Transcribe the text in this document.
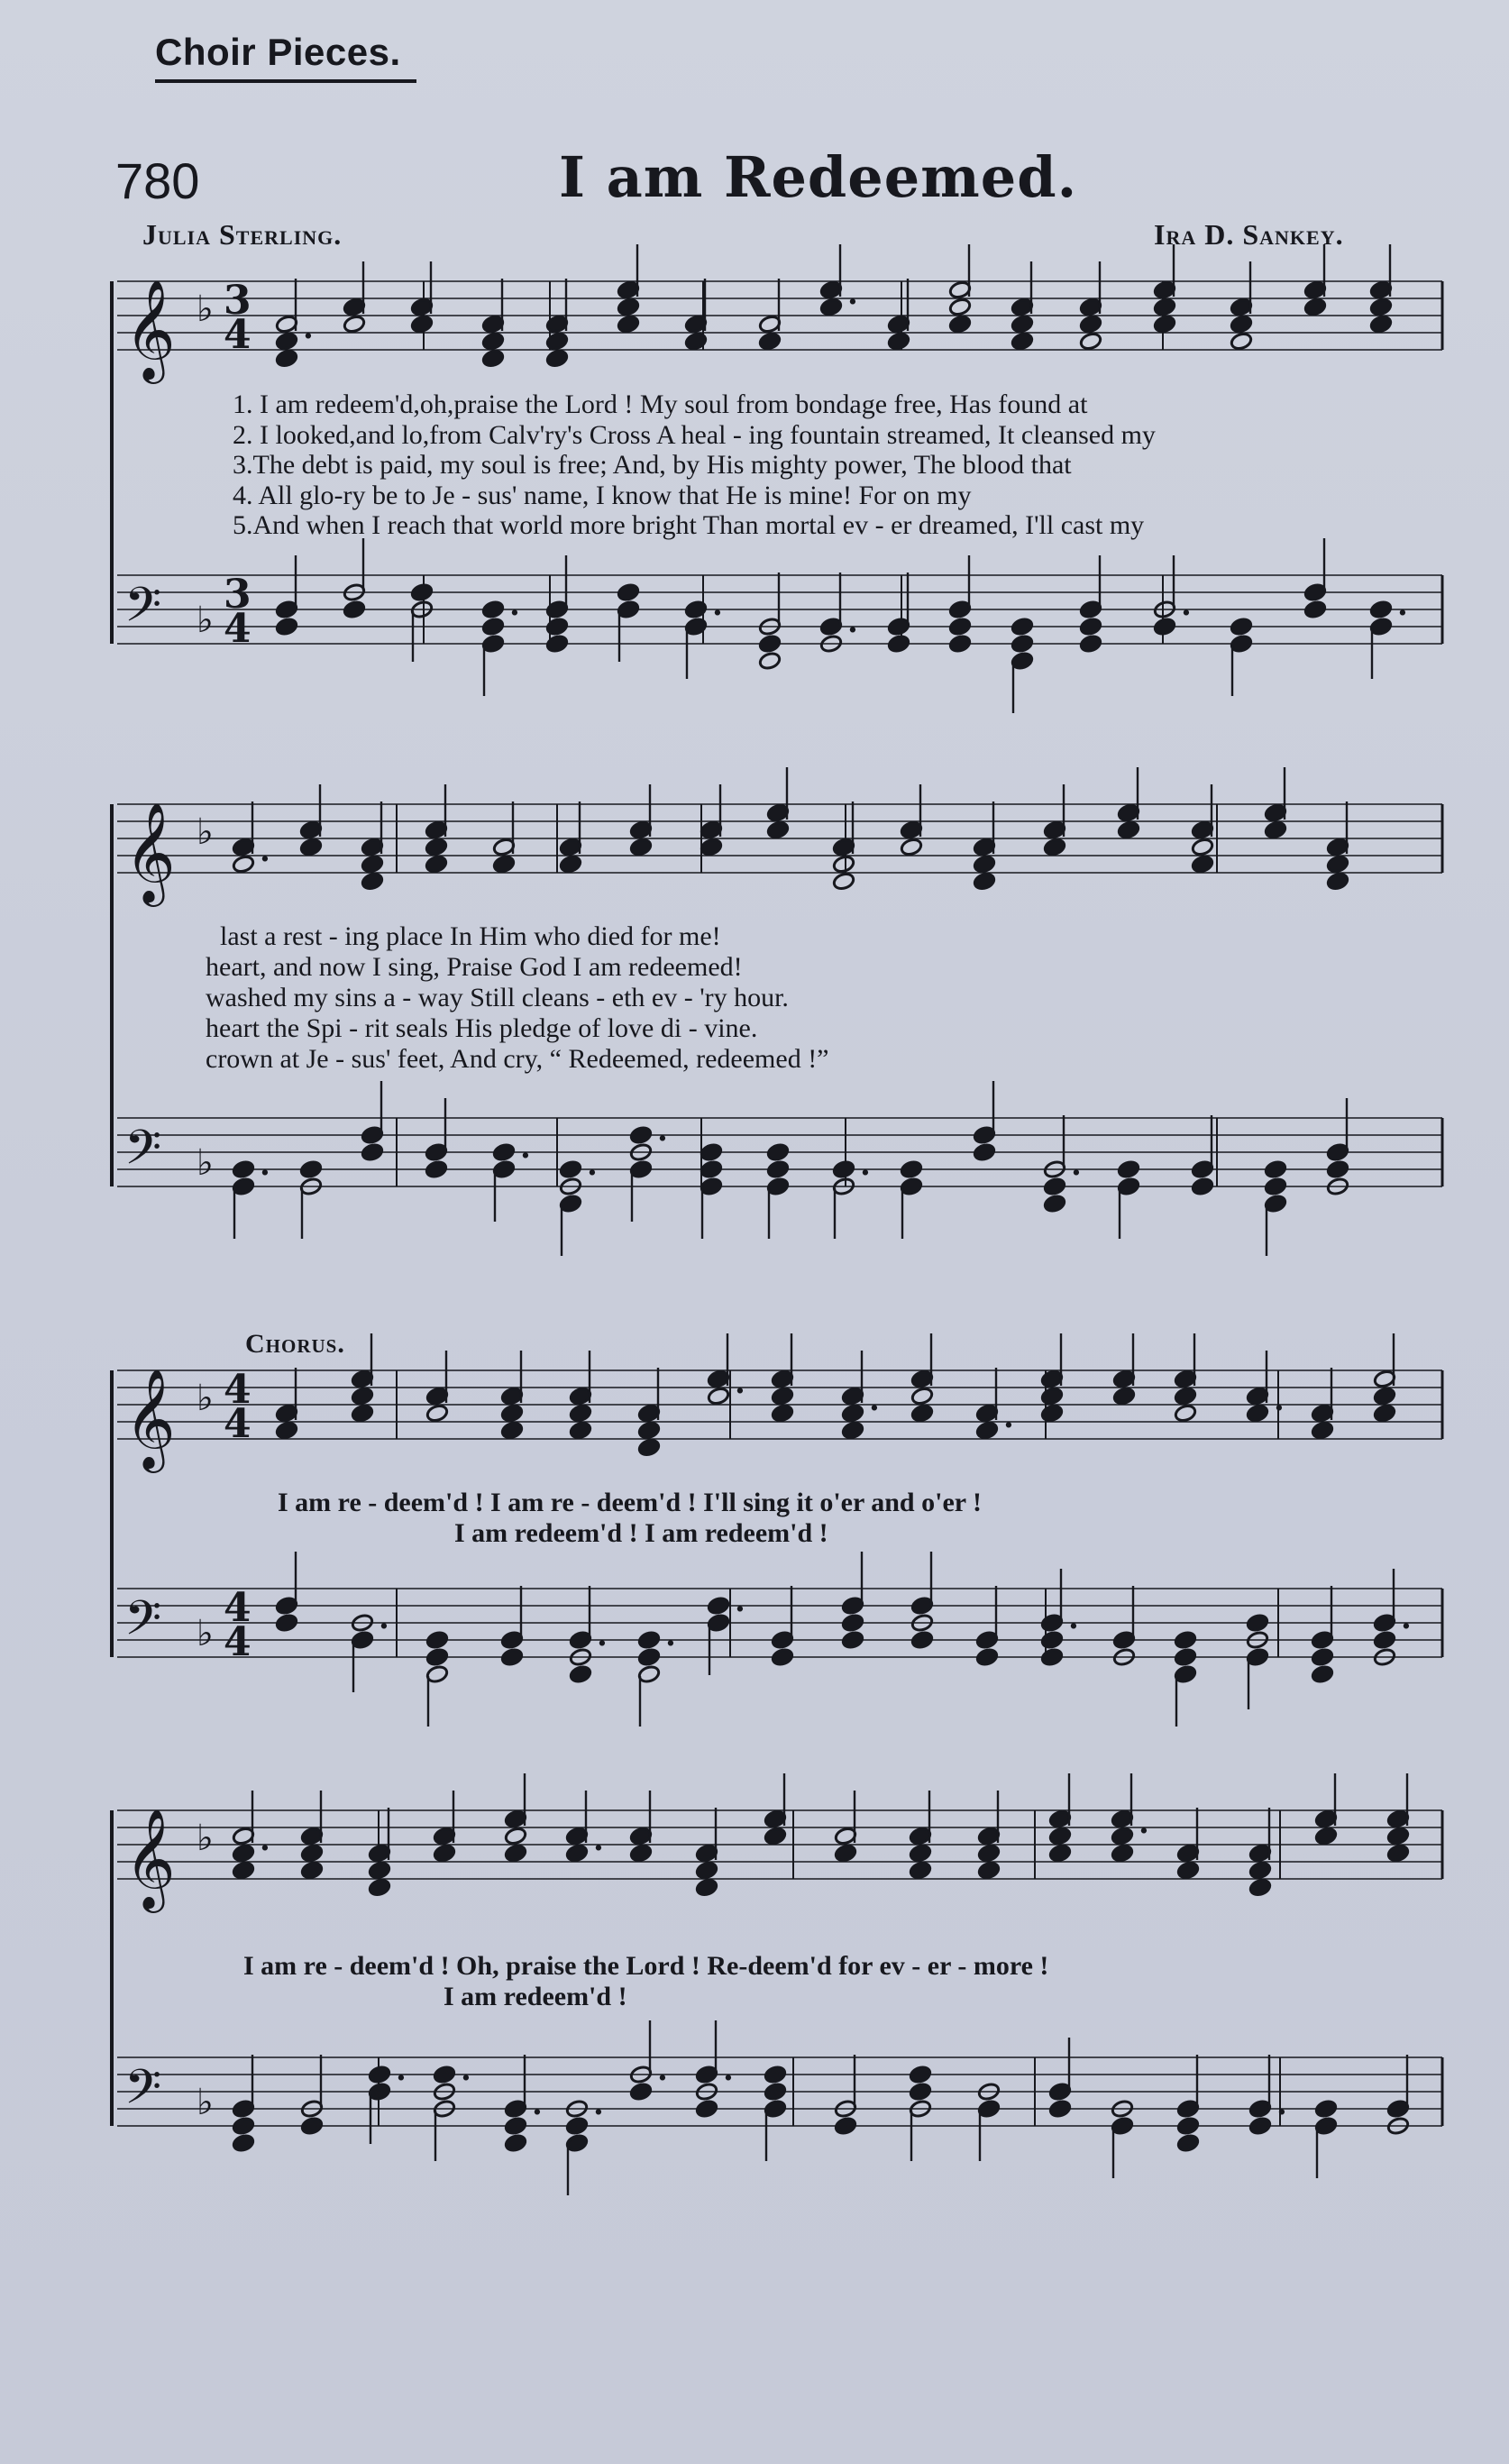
Choir Pieces.
780	I am Redeemed.
Julia Sterling.	Ira D. Sankey.
𝄞 ♭ 3
4
𝄢 ♭
3
4
.
.	.
.
.	.	.
𝄞 ♭
𝄢 ♭
.
.	. .
.
.	.
𝄞 ♭ 4
4
𝄢 ♭
4
4
.	. .
.
.
.	.
.
.
.
𝄞 ♭
𝄢 ♭
.
. .
.
.
.
. .
.
.
1. I am redeem'd,oh,praise the Lord ! My soul from bondage free, Has found at
2. I looked,and lo,from Calv'ry's Cross A heal - ing fountain streamed, It cleansed my
3.The debt is paid, my soul is free; And, by His mighty power, The blood that
4. All glo-ry be to Je - sus' name, I know that He is mine! For on my
5.And when I reach that world more bright Than mortal ev - er dreamed, I'll cast my
last a rest - ing place In Him who died for me!
heart, and now I sing, Praise God I am redeemed!
washed my sins a - way Still cleans - eth ev - 'ry hour.
heart the Spi - rit seals His pledge of love di - vine.
crown at Je - sus' feet, And cry, “ Redeemed, redeemed !”
Chorus.
I am re - deem'd ! I am re - deem'd ! I'll sing it o'er and o'er !
I am redeem'd ! I am redeem'd !
I am re - deem'd ! Oh, praise the Lord ! Re-deem'd for ev - er - more !
I am redeem'd !
